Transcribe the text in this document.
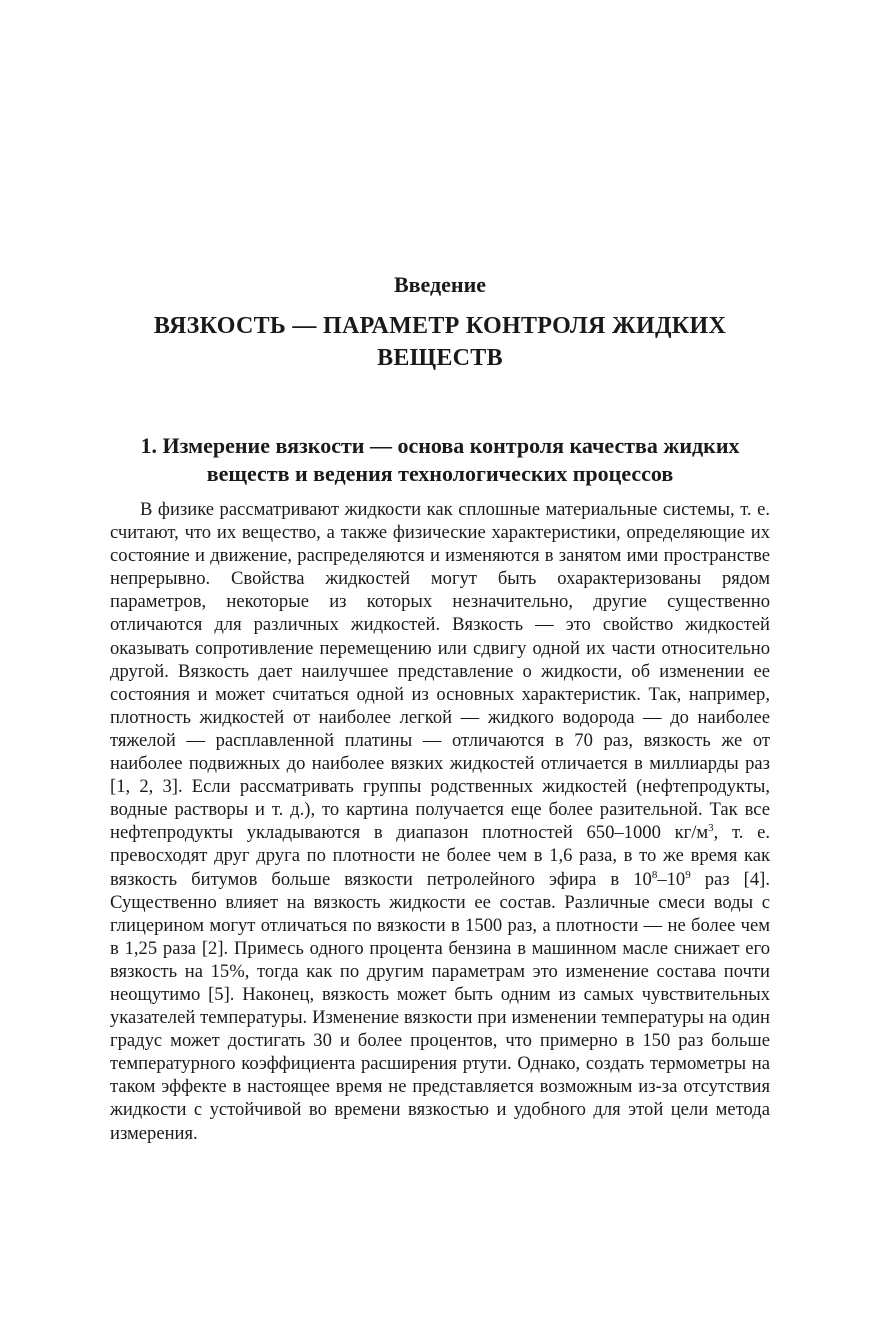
Введение
ВЯЗКОСТЬ — ПАРАМЕТР КОНТРОЛЯ ЖИДКИХ ВЕЩЕСТВ
1. Измерение вязкости — основа контроля качества жидких веществ и ведения технологических процессов

В физике рассматривают жидкости как сплошные материальные системы, т. е. считают, что их вещество, а также физические характеристики, определяющие их состояние и движение, распределяются и изменяются в занятом ими пространстве непрерывно. Свойства жидкостей могут быть охарактеризованы рядом параметров, некоторые из которых незначительно, другие существенно отличаются для различных жидкостей. Вязкость — это свойство жидкостей оказывать сопротивление перемещению или сдвигу одной их части относительно другой. Вязкость дает наилучшее представление о жидкости, об изменении ее состояния и может считаться одной из основных характеристик. Так, например, плотность жидкостей от наиболее легкой — жидкого водорода — до наиболее тяжелой — расплавленной платины — отличаются в 70 раз, вязкость же от наиболее подвижных до наиболее вязких жидкостей отличается в миллиарды раз [1, 2, 3]. Если рассматривать группы родственных жидкостей (нефтепродукты, водные растворы и т. д.), то картина получается еще более разительной. Так все нефтепродукты укладываются в диапазон плотностей 650–1000 $кг/м^3$, т. е. превосходят друг друга по плотности не более чем в 1,6 раза, в то же время как вязкость битумов больше вязкости петролейного эфира в $10^8-10^9$ раз [4]. Существенно влияет на вязкость жидкости ее состав. Различные смеси воды с глицерином могут отличаться по вязкости в 1500 раз, а плотности — не более чем в 1,25 раза [2]. Примесь одного процента бензина в машинном масле снижает его вязкость на 15%, тогда как по другим параметрам это изменение состава почти неощутимо [5]. Наконец, вязкость может быть одним из самых чувствительных указателей температуры. Изменение вязкости при изменении температуры на один градус может достигать 30 и более процентов, что примерно в 150 раз больше температурного коэффициента расширения ртути. Однако, создать термометры на таком эффекте в настоящее время не представляется возможным из-за отсутствия жидкости с устойчивой во времени вязкостью и удобного для этой цели метода измерения.
